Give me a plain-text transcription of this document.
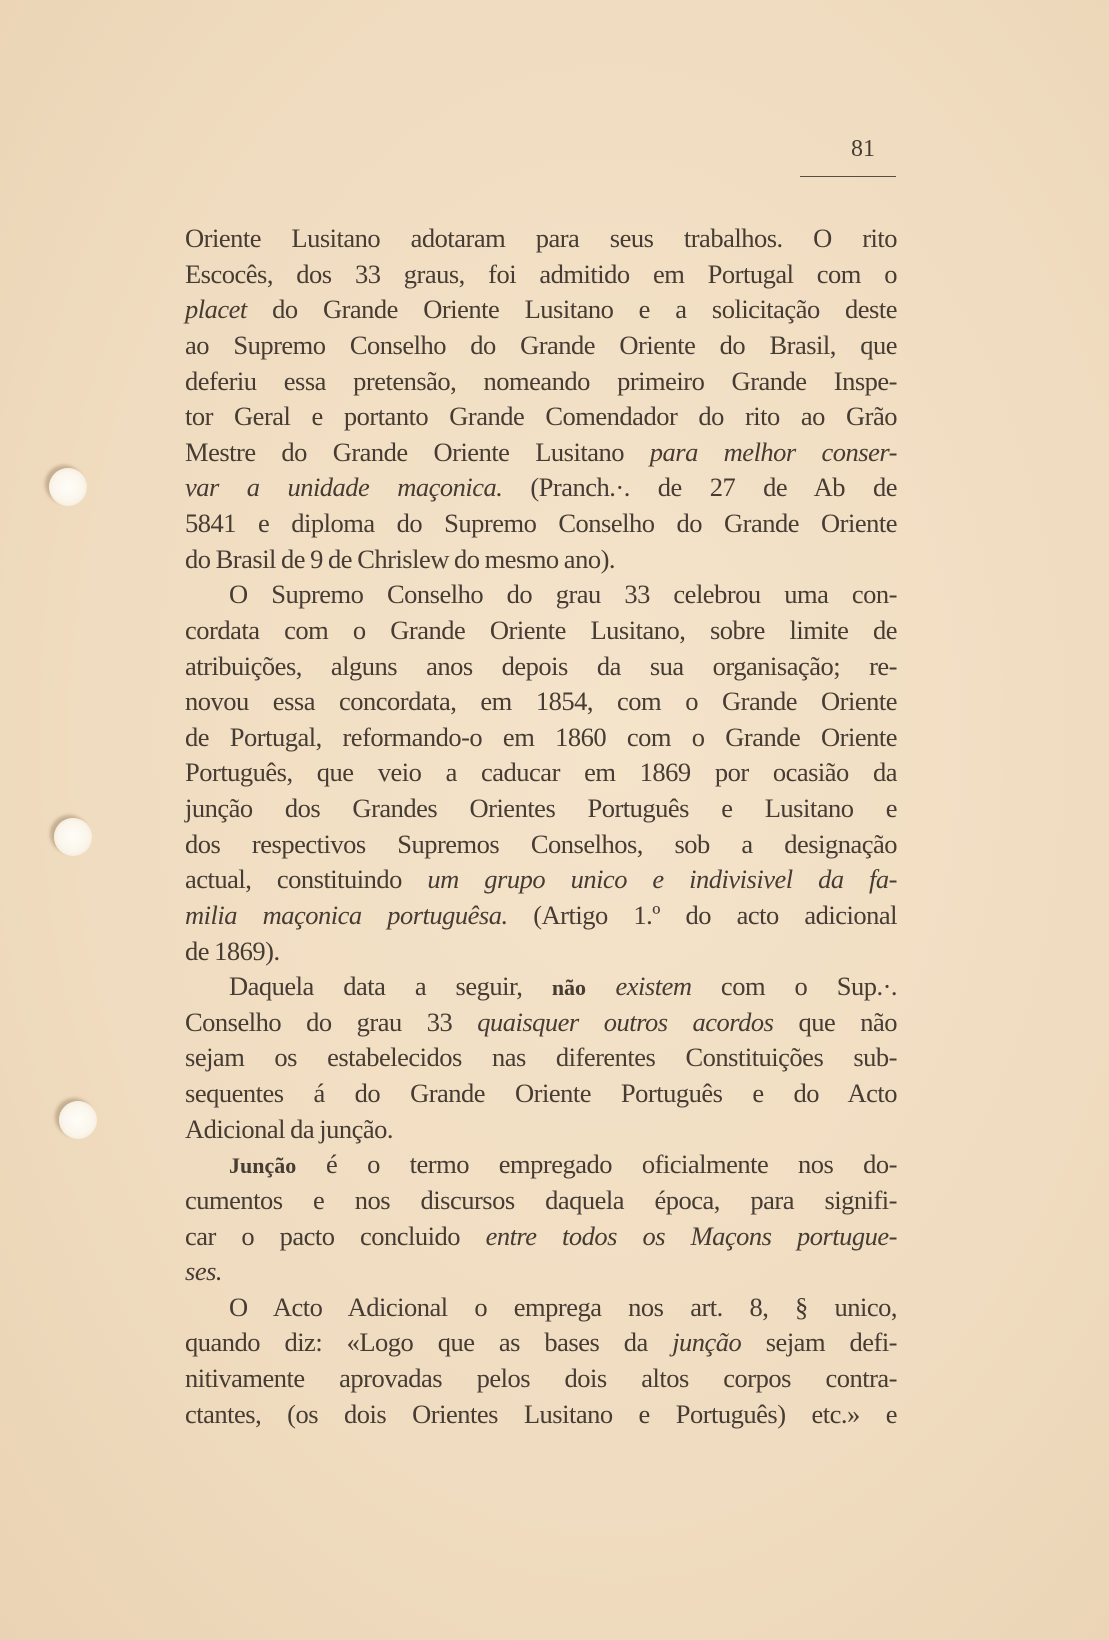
81
Oriente Lusitano adotaram para seus trabalhos. O rito
Escocês, dos 33 graus, foi admitido em Portugal com o
placet do Grande Oriente Lusitano e a solicitação deste
ao Supremo Conselho do Grande Oriente do Brasil, que
deferiu essa pretensão, nomeando primeiro Grande Inspe-
tor Geral e portanto Grande Comendador do rito ao Grão
Mestre do Grande Oriente Lusitano para melhor conser-
var a unidade maçonica. (Pranch.·. de 27 de Ab de
5841 e diploma do Supremo Conselho do Grande Oriente
do Brasil de 9 de Chrislew do mesmo ano).
O Supremo Conselho do grau 33 celebrou uma con-
cordata com o Grande Oriente Lusitano, sobre limite de
atribuições, alguns anos depois da sua organisação; re-
novou essa concordata, em 1854, com o Grande Oriente
de Portugal, reformando-o em 1860 com o Grande Oriente
Português, que veio a caducar em 1869 por ocasião da
junção dos Grandes Orientes Português e Lusitano e
dos respectivos Supremos Conselhos, sob a designação
actual, constituindo um grupo unico e indivisivel da fa-
milia maçonica portuguêsa. (Artigo 1.º do acto adicional
de 1869).
Daquela data a seguir, não existem com o Sup.·.
Conselho do grau 33 quaisquer outros acordos que não
sejam os estabelecidos nas diferentes Constituições sub-
sequentes á do Grande Oriente Português e do Acto
Adicional da junção.
Junção é o termo empregado oficialmente nos do-
cumentos e nos discursos daquela época, para signifi-
car o pacto concluido entre todos os Maçons portugue-
ses.
O Acto Adicional o emprega nos art. 8, § unico,
quando diz: «Logo que as bases da junção sejam defi-
nitivamente aprovadas pelos dois altos corpos contra-
ctantes, (os dois Orientes Lusitano e Português) etc.» e
